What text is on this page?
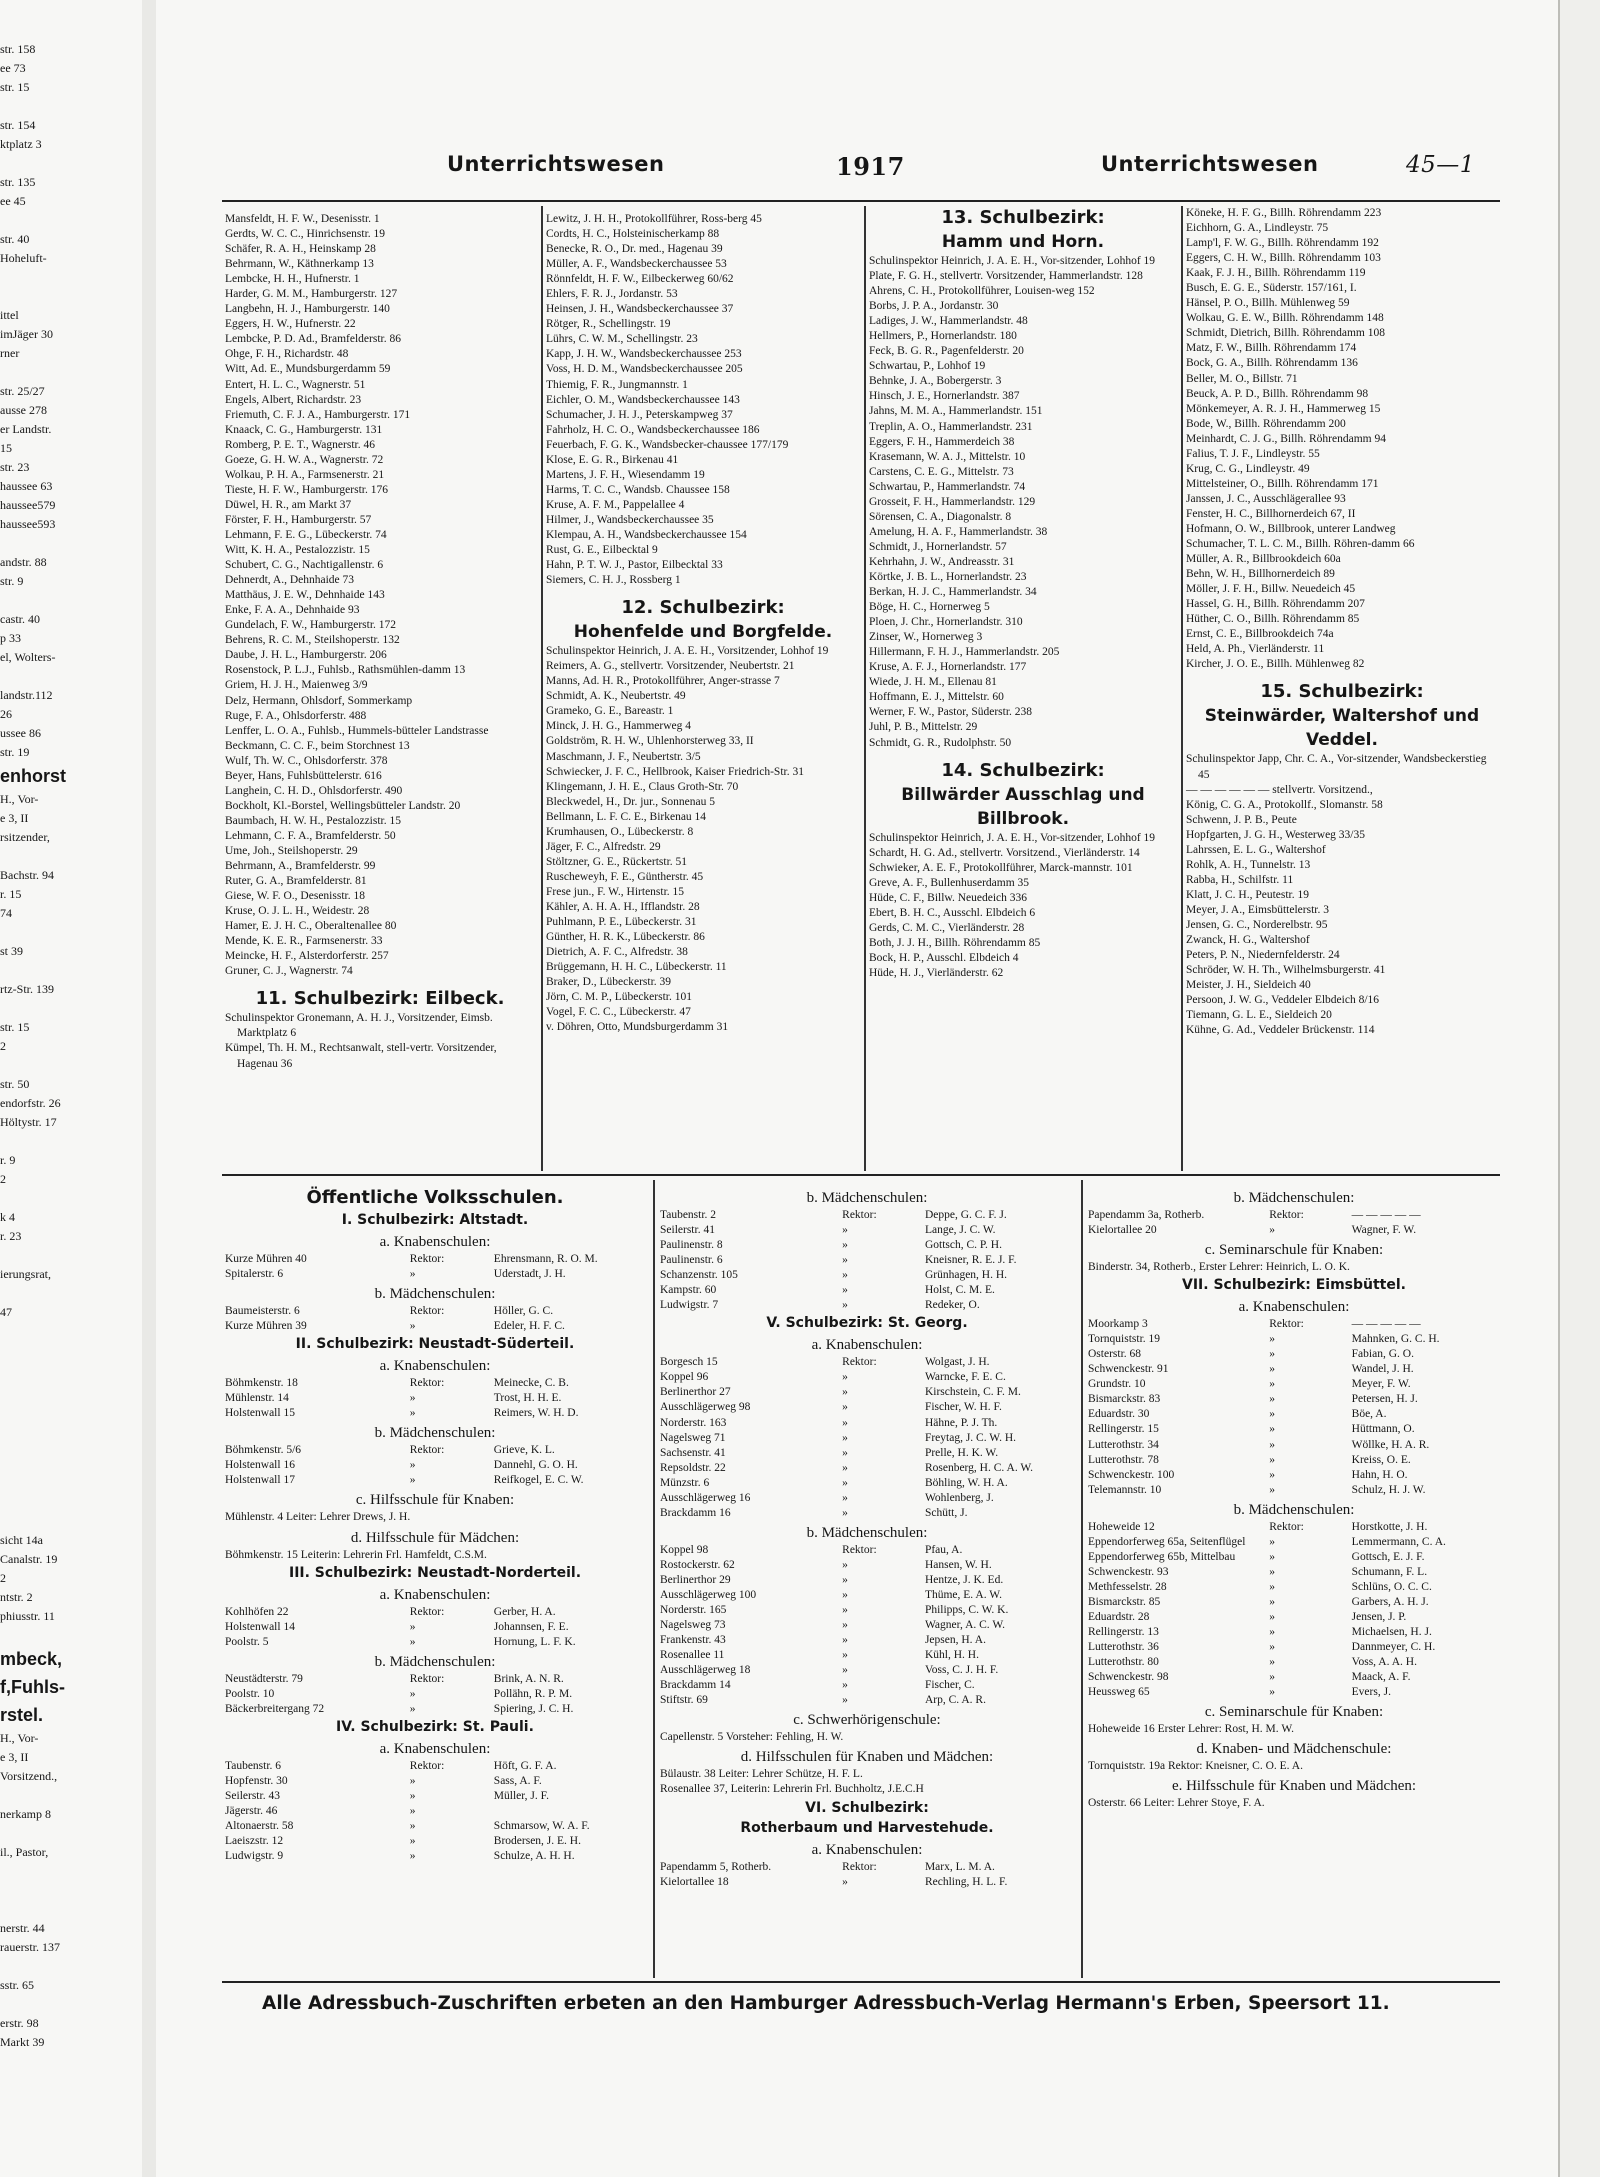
str. 158
ee 73
str. 15

str. 154
ktplatz 3

str. 135
ee 45

str. 40
Hoheluft-

ittel
imJäger 30
rner

str. 25/27
ausse 278
er Landstr.
15
str. 23
haussee 63
haussee579
haussee593

andstr. 88
str. 9

castr. 40
p 33
el, Wolters-

landstr.112
26
ussee 86
str. 19
enhorst
H., Vor-
e 3, II
rsitzender,

Bachstr. 94
r. 15
74

st 39

rtz-Str. 139

str. 15
2

str. 50
endorfstr. 26
Höltystr. 17

r. 9
2

k 4
r. 23

ierungsrat,

47

sicht 14a
Canalstr. 19
2
ntstr. 2
phiusstr. 11

mbeck,
f,Fuhls-
rstel.
H., Vor-
e 3, II
Vorsitzend.,

nerkamp 8

il., Pastor,

nerstr. 44
rauerstr. 137

sstr. 65

erstr. 98
Markt 39
Unterrichtswesen	1917	Unterrichtswesen	45—1
Mansfeldt, H. F. W., Desenisstr. 1
Gerdts, W. C. C., Hinrichsenstr. 19
Schäfer, R. A. H., Heinskamp 28
Behrmann, W., Käthnerkamp 13
Lembcke, H. H., Hufnerstr. 1
Harder, G. M. M., Hamburgerstr. 127
Langbehn, H. J., Hamburgerstr. 140
Eggers, H. W., Hufnerstr. 22
Lembcke, P. D. Ad., Bramfelderstr. 86
Ohge, F. H., Richardstr. 48
Witt, Ad. E., Mundsburgerdamm 59
Entert, H. L. C., Wagnerstr. 51
Engels, Albert, Richardstr. 23
Friemuth, C. F. J. A., Hamburgerstr. 171
Knaack, C. G., Hamburgerstr. 131
Romberg, P. E. T., Wagnerstr. 46
Goeze, G. H. W. A., Wagnerstr. 72
Wolkau, P. H. A., Farmsenerstr. 21
Tieste, H. F. W., Hamburgerstr. 176
Düwel, H. R., am Markt 37
Förster, F. H., Hamburgerstr. 57
Lehmann, F. E. G., Lübeckerstr. 74
Witt, K. H. A., Pestalozzistr. 15
Schubert, C. G., Nachtigallenstr. 6
Dehnerdt, A., Dehnhaide 73
Matthäus, J. E. W., Dehnhaide 143
Enke, F. A. A., Dehnhaide 93
Gundelach, F. W., Hamburgerstr. 172
Behrens, R. C. M., Steilshoperstr. 132
Daube, J. H. L., Hamburgerstr. 206
Rosenstock, P. L.J., Fuhlsb., Rathsmühlen-damm 13
Griem, H. J. H., Maienweg 3/9
Delz, Hermann, Ohlsdorf, Sommerkamp
Ruge, F. A., Ohlsdorferstr. 488
Lenffer, L. O. A., Fuhlsb., Hummels-bütteler Landstrasse
Beckmann, C. C. F., beim Storchnest 13
Wulf, Th. W. C., Ohlsdorferstr. 378
Beyer, Hans, Fuhlsbüttelerstr. 616
Langhein, C. H. D., Ohlsdorferstr. 490
Bockholt, Kl.-Borstel, Wellingsbütteler Landstr. 20
Baumbach, H. W. H., Pestalozzistr. 15
Lehmann, C. F. A., Bramfelderstr. 50
Ume, Joh., Steilshoperstr. 29
Behrmann, A., Bramfelderstr. 99
Ruter, G. A., Bramfelderstr. 81
Giese, W. F. O., Desenisstr. 18
Kruse, O. J. L. H., Weidestr. 28
Hamer, E. J. H. C., Oberaltenallee 80
Mende, K. E. R., Farmsenerstr. 33
Meincke, H. F., Alsterdorferstr. 257
Gruner, C. J., Wagnerstr. 74
11. Schulbezirk: Eilbeck.
Schulinspektor Gronemann, A. H. J., Vorsitzender, Eimsb. Marktplatz 6
Kümpel, Th. H. M., Rechtsanwalt, stell-vertr. Vorsitzender, Hagenau 36
Lewitz, J. H. H., Protokollführer, Ross-berg 45
Cordts, H. C., Holsteinischerkamp 88
Benecke, R. O., Dr. med., Hagenau 39
Müller, A. F., Wandsbeckerchaussee 53
Rönnfeldt, H. F. W., Eilbeckerweg 60/62
Ehlers, F. R. J., Jordanstr. 53
Heinsen, J. H., Wandsbeckerchaussee 37
Rötger, R., Schellingstr. 19
Lührs, C. W. M., Schellingstr. 23
Kapp, J. H. W., Wandsbeckerchaussee 253
Voss, H. D. M., Wandsbeckerchaussee 205
Thiemig, F. R., Jungmannstr. 1
Eichler, O. M., Wandsbeckerchaussee 143
Schumacher, J. H. J., Peterskampweg 37
Fahrholz, H. C. O., Wandsbeckerchaussee 186
Feuerbach, F. G. K., Wandsbecker-chaussee 177/179
Klose, E. G. R., Birkenau 41
Martens, J. F. H., Wiesendamm 19
Harms, T. C. C., Wandsb. Chaussee 158
Kruse, A. F. M., Pappelallee 4
Hilmer, J., Wandsbeckerchaussee 35
Klempau, A. H., Wandsbeckerchaussee 154
Rust, G. E., Eilbecktal 9
Hahn, P. T. W. J., Pastor, Eilbecktal 33
Siemers, C. H. J., Rossberg 1
12. Schulbezirk:
Hohenfelde und Borgfelde.
Schulinspektor Heinrich, J. A. E. H., Vorsitzender, Lohhof 19
Reimers, A. G., stellvertr. Vorsitzender, Neubertstr. 21
Manns, Ad. H. R., Protokollführer, Anger-strasse 7
Schmidt, A. K., Neubertstr. 49
Grameko, G. E., Bareastr. 1
Minck, J. H. G., Hammerweg 4
Goldström, R. H. W., Uhlenhorsterweg 33, II
Maschmann, J. F., Neubertstr. 3/5
Schwiecker, J. F. C., Hellbrook, Kaiser Friedrich-Str. 31
Klingemann, J. H. E., Claus Groth-Str. 70
Bleckwedel, H., Dr. jur., Sonnenau 5
Bellmann, L. F. C. E., Birkenau 14
Krumhausen, O., Lübeckerstr. 8
Jäger, F. C., Alfredstr. 29
Stöltzner, G. E., Rückertstr. 51
Ruscheweyh, F. E., Güntherstr. 45
Frese jun., F. W., Hirtenstr. 15
Kähler, A. H. A. H., Ifflandstr. 28
Puhlmann, P. E., Lübeckerstr. 31
Günther, H. R. K., Lübeckerstr. 86
Dietrich, A. F. C., Alfredstr. 38
Brüggemann, H. H. C., Lübeckerstr. 11
Braker, D., Lübeckerstr. 39
Jörn, C. M. P., Lübeckerstr. 101
Vogel, F. C. C., Lübeckerstr. 47
v. Döhren, Otto, Mundsburgerdamm 31
13. Schulbezirk:
Hamm und Horn.
Schulinspektor Heinrich, J. A. E. H., Vor-sitzender, Lohhof 19
Plate, F. G. H., stellvertr. Vorsitzender, Hammerlandstr. 128
Ahrens, C. H., Protokollführer, Louisen-weg 152
Borbs, J. P. A., Jordanstr. 30
Ladiges, J. W., Hammerlandstr. 48
Hellmers, P., Hornerlandstr. 180
Feck, B. G. R., Pagenfelderstr. 20
Schwartau, P., Lohhof 19
Behnke, J. A., Bobergerstr. 3
Hinsch, J. E., Hornerlandstr. 387
Jahns, M. M. A., Hammerlandstr. 151
Treplin, A. O., Hammerlandstr. 231
Eggers, F. H., Hammerdeich 38
Krasemann, W. A. J., Mittelstr. 10
Carstens, C. E. G., Mittelstr. 73
Schwartau, P., Hammerlandstr. 74
Grosseit, F. H., Hammerlandstr. 129
Sörensen, C. A., Diagonalstr. 8
Amelung, H. A. F., Hammerlandstr. 38
Schmidt, J., Hornerlandstr. 57
Kehrhahn, J. W., Andreasstr. 31
Körtke, J. B. L., Hornerlandstr. 23
Berkan, H. J. C., Hammerlandstr. 34
Böge, H. C., Hornerweg 5
Ploen, J. Chr., Hornerlandstr. 310
Zinser, W., Hornerweg 3
Hillermann, F. H. J., Hammerlandstr. 205
Kruse, A. F. J., Hornerlandstr. 177
Wiede, J. H. M., Ellenau 81
Hoffmann, E. J., Mittelstr. 60
Werner, F. W., Pastor, Süderstr. 238
Juhl, P. B., Mittelstr. 29
Schmidt, G. R., Rudolphstr. 50
14. Schulbezirk:
Billwärder Ausschlag und Billbrook.
Schulinspektor Heinrich, J. A. E. H., Vor-sitzender, Lohhof 19
Schardt, H. G. Ad., stellvertr. Vorsitzend., Vierländerstr. 14
Schwieker, A. E. F., Protokollführer, Marck-mannstr. 101
Greve, A. F., Bullenhuserdamm 35
Hüde, C. F., Billw. Neuedeich 336
Ebert, B. H. C., Ausschl. Elbdeich 6
Gerds, C. M. C., Vierländerstr. 28
Both, J. J. H., Billh. Röhrendamm 85
Bock, H. P., Ausschl. Elbdeich 4
Hüde, H. J., Vierländerstr. 62
Köneke, H. F. G., Billh. Röhrendamm 223
Eichhorn, G. A., Lindleystr. 75
Lamp'l, F. W. G., Billh. Röhrendamm 192
Eggers, C. H. W., Billh. Röhrendamm 103
Kaak, F. J. H., Billh. Röhrendamm 119
Busch, E. G. E., Süderstr. 157/161, I.
Hänsel, P. O., Billh. Mühlenweg 59
Wolkau, G. E. W., Billh. Röhrendamm 148
Schmidt, Dietrich, Billh. Röhrendamm 108
Matz, F. W., Billh. Röhrendamm 174
Bock, G. A., Billh. Röhrendamm 136
Beller, M. O., Billstr. 71
Beuck, A. P. D., Billh. Röhrendamm 98
Mönkemeyer, A. R. J. H., Hammerweg 15
Bode, W., Billh. Röhrendamm 200
Meinhardt, C. J. G., Billh. Röhrendamm 94
Falius, T. J. F., Lindleystr. 55
Krug, C. G., Lindleystr. 49
Mittelsteiner, O., Billh. Röhrendamm 171
Janssen, J. C., Ausschlägerallee 93
Fenster, H. C., Billhornerdeich 67, II
Hofmann, O. W., Billbrook, unterer Landweg
Schumacher, T. L. C. M., Billh. Röhren-damm 66
Müller, A. R., Billbrookdeich 60a
Behn, W. H., Billhornerdeich 89
Möller, J. F. H., Billw. Neuedeich 45
Hassel, G. H., Billh. Röhrendamm 207
Hüther, C. O., Billh. Röhrendamm 85
Ernst, C. E., Billbrookdeich 74a
Held, A. Ph., Vierländerstr. 11
Kircher, J. O. E., Billh. Mühlenweg 82
15. Schulbezirk:
Steinwärder, Waltershof und Veddel.
Schulinspektor Japp, Chr. C. A., Vor-sitzender, Wandsbeckerstieg 45
— — — — — — stellvertr. Vorsitzend.,
König, C. G. A., Protokollf., Slomanstr. 58
Schwenn, J. P. B., Peute
Hopfgarten, J. G. H., Westerweg 33/35
Lahrssen, E. L. G., Waltershof
Rohlk, A. H., Tunnelstr. 13
Rabba, H., Schilfstr. 11
Klatt, J. C. H., Peutestr. 19
Meyer, J. A., Eimsbüttelerstr. 3
Jensen, G. C., Norderelbstr. 95
Zwanck, H. G., Waltershof
Peters, P. N., Niedernfelderstr. 24
Schröder, W. H. Th., Wilhelmsburgerstr. 41
Meister, J. H., Sieldeich 40
Persoon, J. W. G., Veddeler Elbdeich 8/16
Tiemann, G. L. E., Sieldeich 20
Kühne, G. Ad., Veddeler Brückenstr. 114
Öffentliche Volksschulen.
I. Schulbezirk: Altstadt.
a. Knabenschulen:
Kurze Mühren 40	Rektor:	Ehrensmann, R. O. M.
Spitalerstr. 6	»	Uderstadt, J. H.
b. Mädchenschulen:
Baumeisterstr. 6	Rektor:	Höller, G. C.
Kurze Mühren 39	»	Edeler, H. F. C.
II. Schulbezirk: Neustadt-Süderteil.
a. Knabenschulen:
Böhmkenstr. 18	Rektor:	Meinecke, C. B.
Mühlenstr. 14	»	Trost, H. H. E.
Holstenwall 15	»	Reimers, W. H. D.
b. Mädchenschulen:
Böhmkenstr. 5/6	Rektor:	Grieve, K. L.
Holstenwall 16	»	Dannehl, G. O. H.
Holstenwall 17	»	Reifkogel, E. C. W.
c. Hilfsschule für Knaben:
Mühlenstr. 4 Leiter: Lehrer Drews, J. H.
d. Hilfsschule für Mädchen:
Böhmkenstr. 15 Leiterin: Lehrerin Frl. Hamfeldt, C.S.M.
III. Schulbezirk: Neustadt-Norderteil.
a. Knabenschulen:
Kohlhöfen 22	Rektor:	Gerber, H. A.
Holstenwall 14	»	Johannsen, F. E.
Poolstr. 5	»	Hornung, L. F. K.
b. Mädchenschulen:
Neustädterstr. 79	Rektor:	Brink, A. N. R.
Poolstr. 10	»	Pollähn, R. P. M.
Bäckerbreitergang 72	»	Spiering, J. C. H.
IV. Schulbezirk: St. Pauli.
a. Knabenschulen:
Taubenstr. 6	Rektor:	Höft, G. F. A.
Hopfenstr. 30	»	Sass, A. F.
Seilerstr. 43	»	Müller, J. F.
Jägerstr. 46	»
Altonaerstr. 58	»	Schmarsow, W. A. F.
Laeiszstr. 12	»	Brodersen, J. E. H.
Ludwigstr. 9	»	Schulze, A. H. H.
b. Mädchenschulen:
Taubenstr. 2	Rektor:	Deppe, G. C. F. J.
Seilerstr. 41	»	Lange, J. C. W.
Paulinenstr. 8	»	Gottsch, C. P. H.
Paulinenstr. 6	»	Kneisner, R. E. J. F.
Schanzenstr. 105	»	Grünhagen, H. H.
Kampstr. 60	»	Holst, C. M. E.
Ludwigstr. 7	»	Redeker, O.
V. Schulbezirk: St. Georg.
a. Knabenschulen:
Borgesch 15	Rektor:	Wolgast, J. H.
Koppel 96	»	Warncke, F. E. C.
Berlinerthor 27	»	Kirschstein, C. F. M.
Ausschlägerweg 98	»	Fischer, W. H. F.
Norderstr. 163	»	Hähne, P. J. Th.
Nagelsweg 71	»	Freytag, J. C. W. H.
Sachsenstr. 41	»	Prelle, H. K. W.
Repsoldstr. 22	»	Rosenberg, H. C. A. W.
Münzstr. 6	»	Böhling, W. H. A.
Ausschlägerweg 16	»	Wohlenberg, J.
Brackdamm 16	»	Schütt, J.
b. Mädchenschulen:
Koppel 98	Rektor:	Pfau, A.
Rostockerstr. 62	»	Hansen, W. H.
Berlinerthor 29	»	Hentze, J. K. Ed.
Ausschlägerweg 100	»	Thüme, E. A. W.
Norderstr. 165	»	Philipps, C. W. K.
Nagelsweg 73	»	Wagner, A. C. W.
Frankenstr. 43	»	Jepsen, H. A.
Rosenallee 11	»	Kühl, H. H.
Ausschlägerweg 18	»	Voss, C. J. H. F.
Brackdamm 14	»	Fischer, C.
Stiftstr. 69	»	Arp, C. A. R.
c. Schwerhörigenschule:
Capellenstr. 5 Vorsteher: Fehling, H. W.
d. Hilfsschulen für Knaben und Mädchen:
Bülaustr. 38 Leiter: Lehrer Schütze, H. F. L.
Rosenallee 37, Leiterin: Lehrerin Frl. Buchholtz, J.E.C.H
VI. Schulbezirk:
Rotherbaum und Harvestehude.
a. Knabenschulen:
Papendamm 5, Rotherb.	Rektor:	Marx, L. M. A.
Kielortallee 18	»	Rechling, H. L. F.
b. Mädchenschulen:
Papendamm 3a, Rotherb.	Rektor:	— — — — —
Kielortallee 20	»	Wagner, F. W.
c. Seminarschule für Knaben:
Binderstr. 34, Rotherb., Erster Lehrer: Heinrich, L. O. K.
VII. Schulbezirk: Eimsbüttel.
a. Knabenschulen:
Moorkamp 3	Rektor:	— — — — —
Tornquiststr. 19	»	Mahnken, G. C. H.
Osterstr. 68	»	Fabian, G. O.
Schwenckestr. 91	»	Wandel, J. H.
Grundstr. 10	»	Meyer, F. W.
Bismarckstr. 83	»	Petersen, H. J.
Eduardstr. 30	»	Böe, A.
Rellingerstr. 15	»	Hüttmann, O.
Lutterothstr. 34	»	Wöllke, H. A. R.
Lutterothstr. 78	»	Kreiss, O. E.
Schwenckestr. 100	»	Hahn, H. O.
Telemannstr. 10	»	Schulz, H. J. W.
b. Mädchenschulen:
Hoheweide 12	Rektor:	Horstkotte, J. H.
Eppendorferweg 65a, Seitenflügel	»	Lemmermann, C. A.
Eppendorferweg 65b, Mittelbau	»	Gottsch, E. J. F.
Schwenckestr. 93	»	Schumann, F. L.
Methfesselstr. 28	»	Schlüns, O. C. C.
Bismarckstr. 85	»	Garbers, A. H. J.
Eduardstr. 28	»	Jensen, J. P.
Rellingerstr. 13	»	Michaelsen, H. J.
Lutterothstr. 36	»	Dannmeyer, C. H.
Lutterothstr. 80	»	Voss, A. A. H.
Schwenckestr. 98	»	Maack, A. F.
Heussweg 65	»	Evers, J.
c. Seminarschule für Knaben:
Hoheweide 16 Erster Lehrer: Rost, H. M. W.
d. Knaben- und Mädchenschule:
Tornquiststr. 19a Rektor: Kneisner, C. O. E. A.
e. Hilfsschule für Knaben und Mädchen:
Osterstr. 66 Leiter: Lehrer Stoye, F. A.
Alle Adressbuch-Zuschriften erbeten an den Hamburger Adressbuch-Verlag Hermann's Erben, Speersort 11.
